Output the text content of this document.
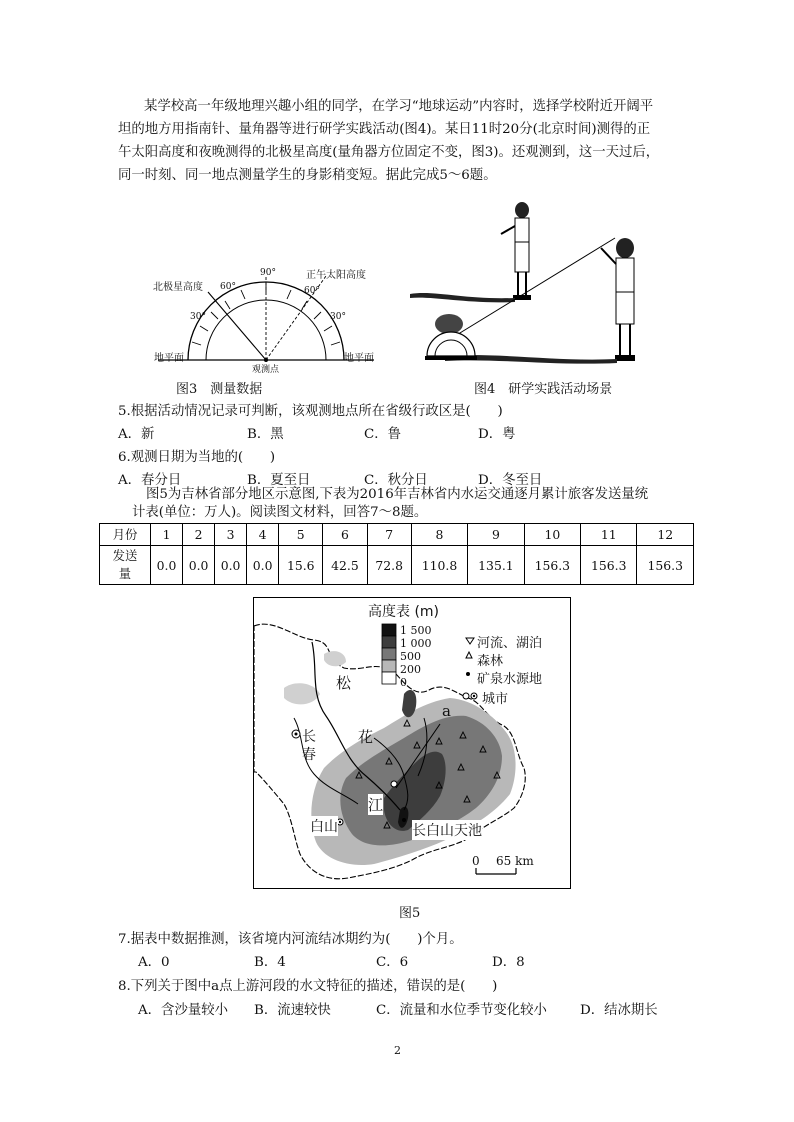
某学校高一年级地理兴趣小组的同学，在学习“地球运动”内容时，选择学校附近开阔平
坦的地方用指南针、量角器等进行研学实践活动(图4)。某日11时20分(北京时间)测得的正
午太阳高度和夜晚测得的北极星高度(量角器方位固定不变，图3)。还观测到，这一天过后，
同一时刻、同一地点测量学生的身影稍变短。据此完成5～6题。
北极星高度
正午太阳高度
90°
60°
30°
60°
30°
地平面	地平面
观测点
图3　测量数据	图4　研学实践活动场景
5.根据活动情况记录可判断，该观测地点所在省级行政区是(　　)
A．新	B．黑	C．鲁	D．粤
6.观测日期为当地的(　　)
A．春分日	B．夏至日	C．秋分日	D．冬至日
图5为吉林省部分地区示意图,下表为2016年吉林省内水运交通逐月累计旅客发送量统
计表(单位：万人)。阅读图文材料，回答7～8题。
月份	1	2	3	4	5	6	7	8	9	10	11	12

发送
量	0.0	0.0	0.0	0.0	15.6	42.5	72.8	110.8	135.1	156.3	156.3	156.3
高度表 (m)
1 500
1 000
500
200
0
河流、湖泊
森林
矿泉水源地
城市
松
花
江
长
春
白山	长白山天池
a
0 65 km
图5
7.据表中数据推测，该省境内河流结冰期约为(　　)个月。
A．0	B．4	C．6	D．8
8.下列关于图中a点上游河段的水文特征的描述，错误的是(　　)
A．含沙量较小 B．流速较快	C．流量和水位季节变化较小 D．结冰期长
2
